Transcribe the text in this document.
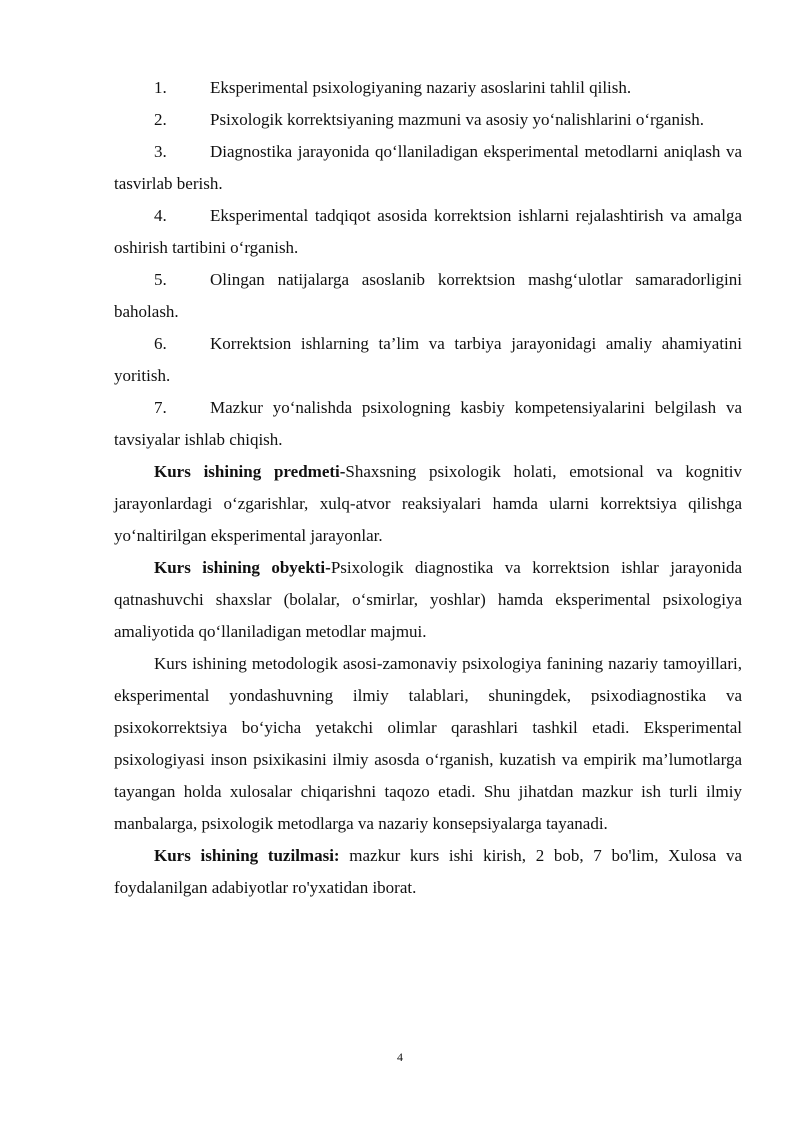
1.	Eksperimental psixologiyaning nazariy asoslarini tahlil qilish.

2.	Psixologik korrektsiyaning mazmuni va asosiy yo‘nalishlarini o‘rganish.

3.	Diagnostika jarayonida qo‘llaniladigan eksperimental metodlarni aniqlash va tasvirlab berish.

4.	Eksperimental tadqiqot asosida korrektsion ishlarni rejalashtirish va amalga oshirish tartibini o‘rganish.

5.	Olingan natijalarga asoslanib korrektsion mashg‘ulotlar samaradorligini baholash.

6.	Korrektsion ishlarning ta’lim va tarbiya jarayonidagi amaliy ahamiyatini yoritish.

7.	Mazkur yo‘nalishda psixologning kasbiy kompetensiyalarini belgilash va tavsiyalar ishlab chiqish.

Kurs ishining predmeti-Shaxsning psixologik holati, emotsional va kognitiv jarayonlardagi o‘zgarishlar, xulq-atvor reaksiyalari hamda ularni korrektsiya qilishga yo‘naltirilgan eksperimental jarayonlar.

Kurs ishining obyekti-Psixologik diagnostika va korrektsion ishlar jarayonida qatnashuvchi shaxslar (bolalar, o‘smirlar, yoshlar) hamda eksperimental psixologiya amaliyotida qo‘llaniladigan metodlar majmui.

Kurs ishining metodologik asosi-zamonaviy psixologiya fanining nazariy tamoyillari, eksperimental yondashuvning ilmiy talablari, shuningdek, psixodiagnostika va psixokorrektsiya bo‘yicha yetakchi olimlar qarashlari tashkil etadi. Eksperimental psixologiyasi inson psixikasini ilmiy asosda o‘rganish, kuzatish va empirik ma’lumotlarga tayangan holda xulosalar chiqarishni taqozo etadi. Shu jihatdan mazkur ish turli ilmiy manbalarga, psixologik metodlarga va nazariy konsepsiyalarga tayanadi.

Kurs ishining tuzilmasi: mazkur kurs ishi kirish, 2 bob, 7 bo'lim, Xulosa va foydalanilgan adabiyotlar ro'yxatidan iborat.

4
